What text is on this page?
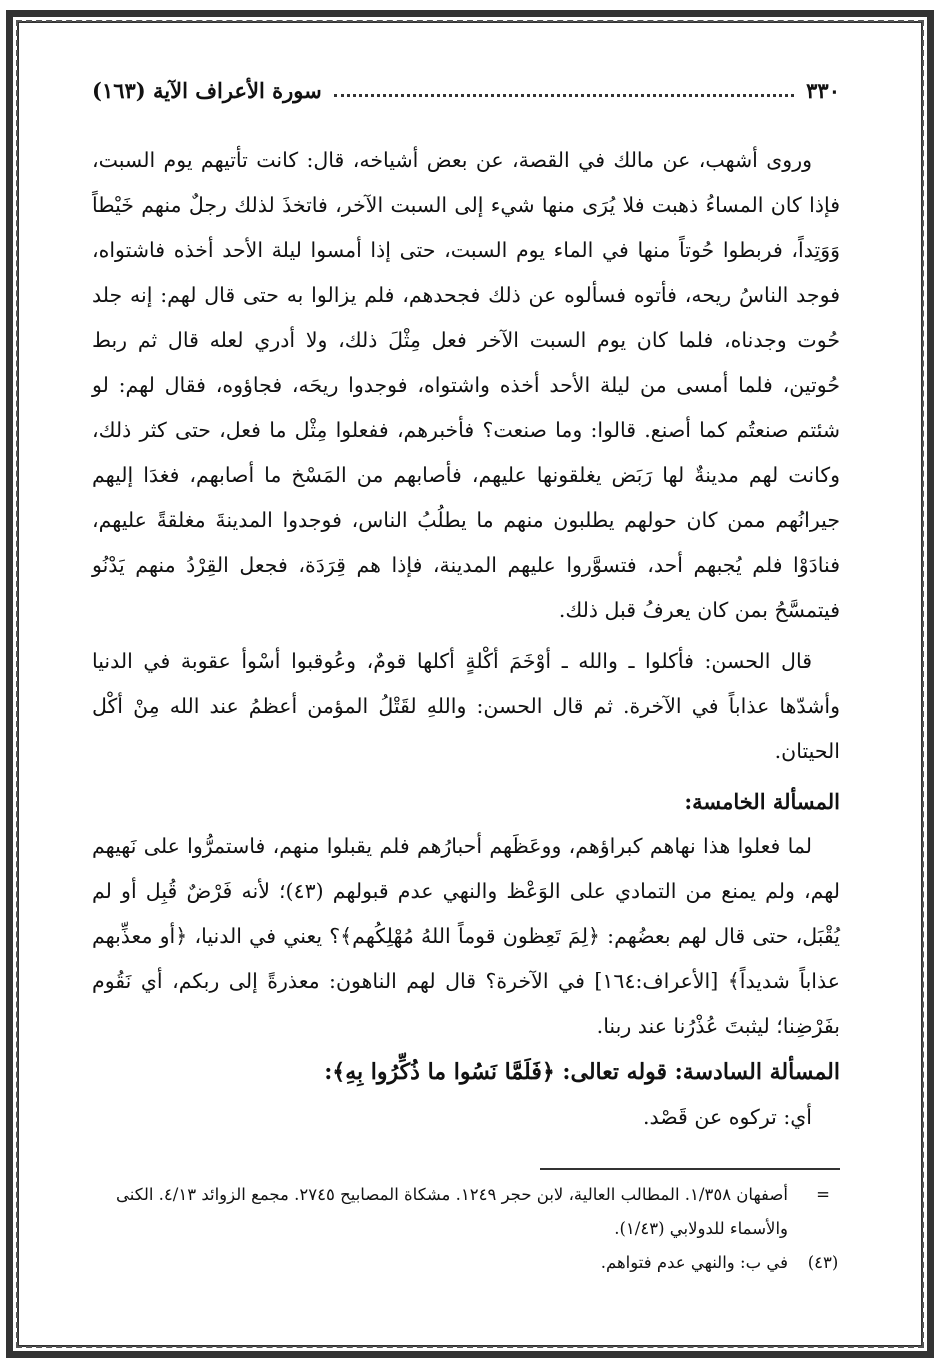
٣٣٠
سورة الأعراف الآية (١٦٣)

وروى أشهب، عن مالك في القصة، عن بعض أشياخه، قال: كانت تأتيهم يوم السبت، فإذا كان المساءُ ذهبت فلا يُرَى منها شيء إلى السبت الآخر، فاتخذَ لذلك رجلٌ منهم خَيْطاً وَوَتِداً، فربطوا حُوتاً منها في الماء يوم السبت، حتى إذا أمسوا ليلة الأحد أخذه فاشتواه، فوجد الناسُ ريحه، فأتوه فسألوه عن ذلك فجحدهم، فلم يزالوا به حتى قال لهم: إنه جلد حُوت وجدناه، فلما كان يوم السبت الآخر فعل مِثْلَ ذلك، ولا أدري لعله قال ثم ربط حُوتين، فلما أمسى من ليلة الأحد أخذه واشتواه، فوجدوا ريحَه، فجاؤوه، فقال لهم: لو شئتم صنعتُم كما أصنع. قالوا: وما صنعت؟ فأخبرهم، ففعلوا مِثْل ما فعل، حتى كثر ذلك، وكانت لهم مدينةٌ لها رَبَض يغلقونها عليهم، فأصابهم من المَسْخ ما أصابهم، فغدَا إليهم جيرانُهم ممن كان حولهم يطلبون منهم ما يطلُبُ الناس، فوجدوا المدينةَ مغلقةً عليهم، فنادَوْا فلم يُجبهم أحد، فتسوَّروا عليهم المدينة، فإذا هم قِرَدَة، فجعل القِرْدُ منهم يَدْنُو فيتمسَّحُ بمن كان يعرفُ قبل ذلك.

قال الحسن: فأكلوا ـ والله ـ أوْخَمَ أكْلةٍ أكلها قومٌ، وعُوقبوا أسْوأ عقوبة في الدنيا وأشدّها عذاباً في الآخرة. ثم قال الحسن: واللهِ لقَتْلُ المؤمن أعظمُ عند الله مِنْ أكْل الحيتان.

المسألة الخامسة:

لما فعلوا هذا نهاهم كبراؤهم، ووعَظَهم أحبارُهم فلم يقبلوا منهم، فاستمرُّوا على نَهيهم لهم، ولم يمنع من التمادي على الوَعْظ والنهي عدم قبولهم (٤٣)؛ لأنه فَرْضٌ قُبِل أو لم يُقْبَل، حتى قال لهم بعضُهم: ﴿لِمَ تَعِظون قوماً اللهُ مُهْلِكُهم﴾؟ يعني في الدنيا، ﴿أو معذِّبهم عذاباً شديداً﴾ [الأعراف:١٦٤] في الآخرة؟ قال لهم الناهون: معذرةً إلى ربكم، أي نَقُوم بفَرْضِنا؛ ليثبتَ عُذْرُنا عند ربنا.

المسألة السادسة: قوله تعالى: ﴿فَلَمَّا نَسُوا ما ذُكِّرُوا بِهِ﴾:

أي: تركوه عن قَصْد.

=
أصفهان ١/٣٥٨. المطالب العالية، لابن حجر ١٢٤٩. مشكاة المصابيح ٢٧٤٥. مجمع الزوائد ٤/١٣. الكنى والأسماء للدولابي (١/٤٣).
(٤٣)
في ب: والنهي عدم فتواهم.
